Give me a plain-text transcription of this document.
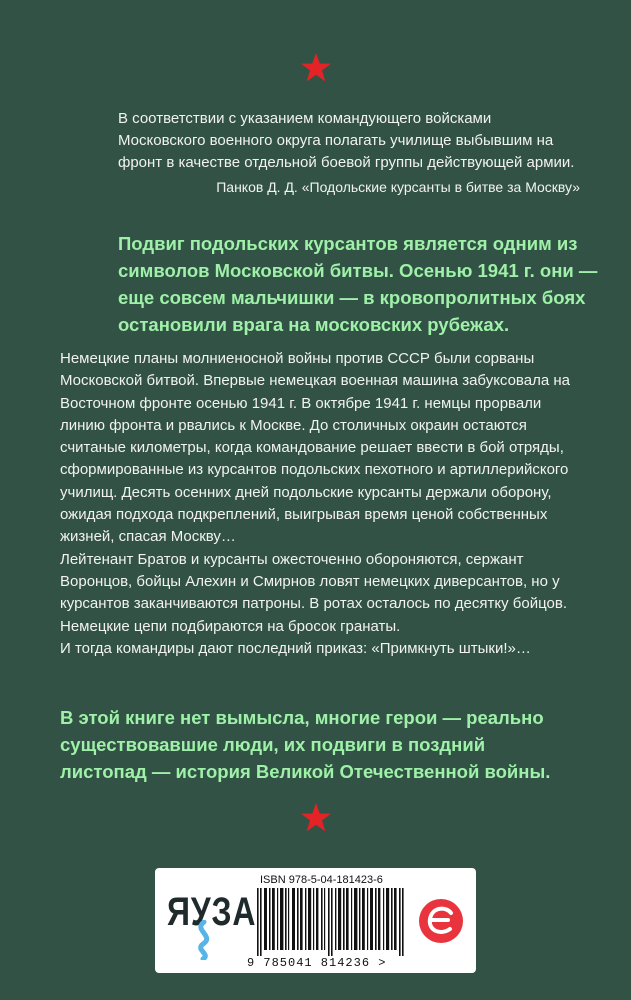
В соответствии с указанием командующего войсками Московского военного округа полагать училище выбывшим на фронт в качестве отдельной боевой группы действующей армии.
Панков Д. Д. «Подольские курсанты в битве за Москву»
Подвиг подольских курсантов является одним из символов Московской битвы. Осенью 1941 г. они — еще совсем мальчишки — в кровопролитных боях остановили врага на московских рубежах.

Немецкие планы молниеносной войны против СССР были сорваны Московской битвой. Впервые немецкая военная машина забуксовала на Восточном фронте осенью 1941 г. В октябре 1941 г. немцы прорвали линию фронта и рвались к Москве. До столичных окраин остаются считаные километры, когда командование решает ввести в бой отряды, сформированные из курсантов подольских пехотного и артиллерийского училищ. Десять осенних дней подольские курсанты держали оборону, ожидая подхода подкреплений, выигрывая время ценой собственных жизней, спасая Москву…

Лейтенант Братов и курсанты ожесточенно обороняются, сержант Воронцов, бойцы Алехин и Смирнов ловят немецких диверсантов, но у курсантов заканчиваются патроны. В ротах осталось по десятку бойцов.

Немецкие цепи подбираются на бросок гранаты.

И тогда командиры дают последний приказ: «Примкнуть штыки!»…

В этой книге нет вымысла, многие герои — реально существовавшие люди, их подвиги в поздний листопад — история Великой Отечественной войны.
ЯУЗА
ISBN 978-5-04-181423-6
9 785041 814236 >
